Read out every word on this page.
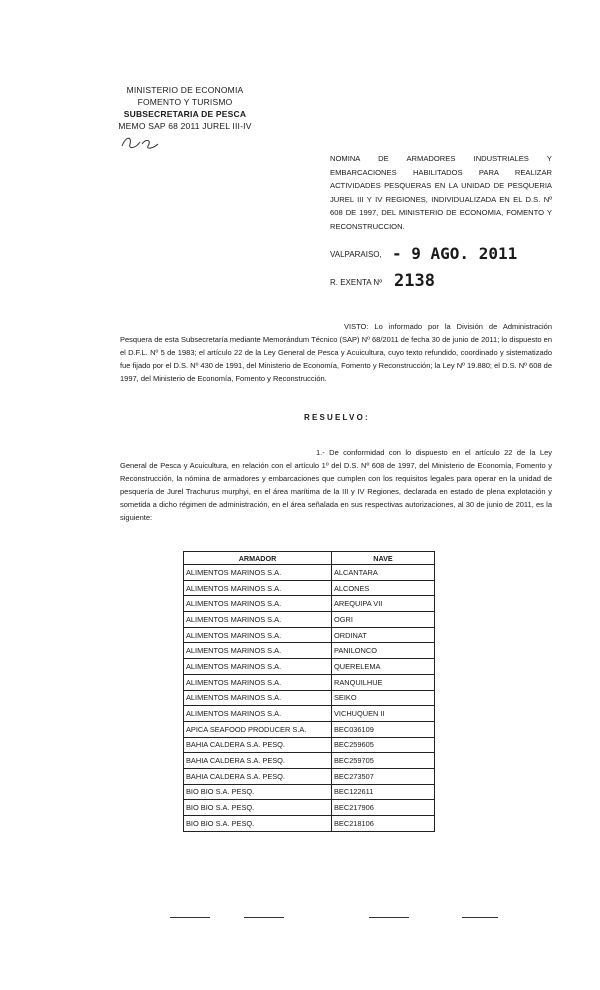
MINISTERIO DE ECONOMIA
FOMENTO Y TURISMO
SUBSECRETARIA DE PESCA
MEMO SAP 68 2011 JUREL III-IV
NOMINA DE ARMADORES INDUSTRIALES Y EMBARCACIONES HABILITADOS PARA REALIZAR ACTIVIDADES PESQUERAS EN LA UNIDAD DE PESQUERIA JUREL III Y IV REGIONES, INDIVIDUALIZADA EN EL D.S. Nº 608 DE 1997, DEL MINISTERIO DE ECONOMIA, FOMENTO Y RECONSTRUCCION.
VALPARAISO, - 9 AGO. 2011
R. EXENTA Nº 2138
VISTO: Lo informado por la División de Administración Pesquera de esta Subsecretaría mediante Memorándum Técnico (SAP) Nº 68/2011 de fecha 30 de junio de 2011; lo dispuesto en el D.F.L. Nº 5 de 1983; el artículo 22 de la Ley General de Pesca y Acuicultura, cuyo texto refundido, coordinado y sistematizado fue fijado por el D.S. Nº 430 de 1991, del Ministerio de Economía, Fomento y Reconstrucción; la Ley Nº 19.880; el D.S. Nº 608 de 1997, del Ministerio de Economía, Fomento y Reconstrucción.
RESUELVO:
1.- De conformidad con lo dispuesto en el artículo 22 de la Ley General de Pesca y Acuicultura, en relación con el artículo 1º del D.S. Nº 608 de 1997, del Ministerio de Economía, Fomento y Reconstrucción, la nómina de armadores y embarcaciones que cumplen con los requisitos legales para operar en la unidad de pesquería de Jurel Trachurus murphyi, en el área marítima de la III y IV Regiones, declarada en estado de plena explotación y sometida a dicho régimen de administración, en el área señalada en sus respectivas autorizaciones, al 30 de junio de 2011, es la siguiente:
ARMADOR	NAVE
ALIMENTOS MARINOS S.A.	ALCANTARA
ALIMENTOS MARINOS S.A.	ALCONES
ALIMENTOS MARINOS S.A.	AREQUIPA VII
ALIMENTOS MARINOS S.A.	OGRI
ALIMENTOS MARINOS S.A.	ORDINAT
ALIMENTOS MARINOS S.A.	PANILONCO
ALIMENTOS MARINOS S.A.	QUERELEMA
ALIMENTOS MARINOS S.A.	RANQUILHUE
ALIMENTOS MARINOS S.A.	SEIKO
ALIMENTOS MARINOS S.A.	VICHUQUEN II
APICA SEAFOOD PRODUCER S.A.	BEC036109
BAHIA CALDERA S.A. PESQ.	BEC259605
BAHIA CALDERA S.A. PESQ.	BEC259705
BAHIA CALDERA S.A. PESQ.	BEC273507
BIO BIO S.A. PESQ.	BEC122611
BIO BIO S.A. PESQ.	BEC217906
BIO BIO S.A. PESQ.	BEC218106
